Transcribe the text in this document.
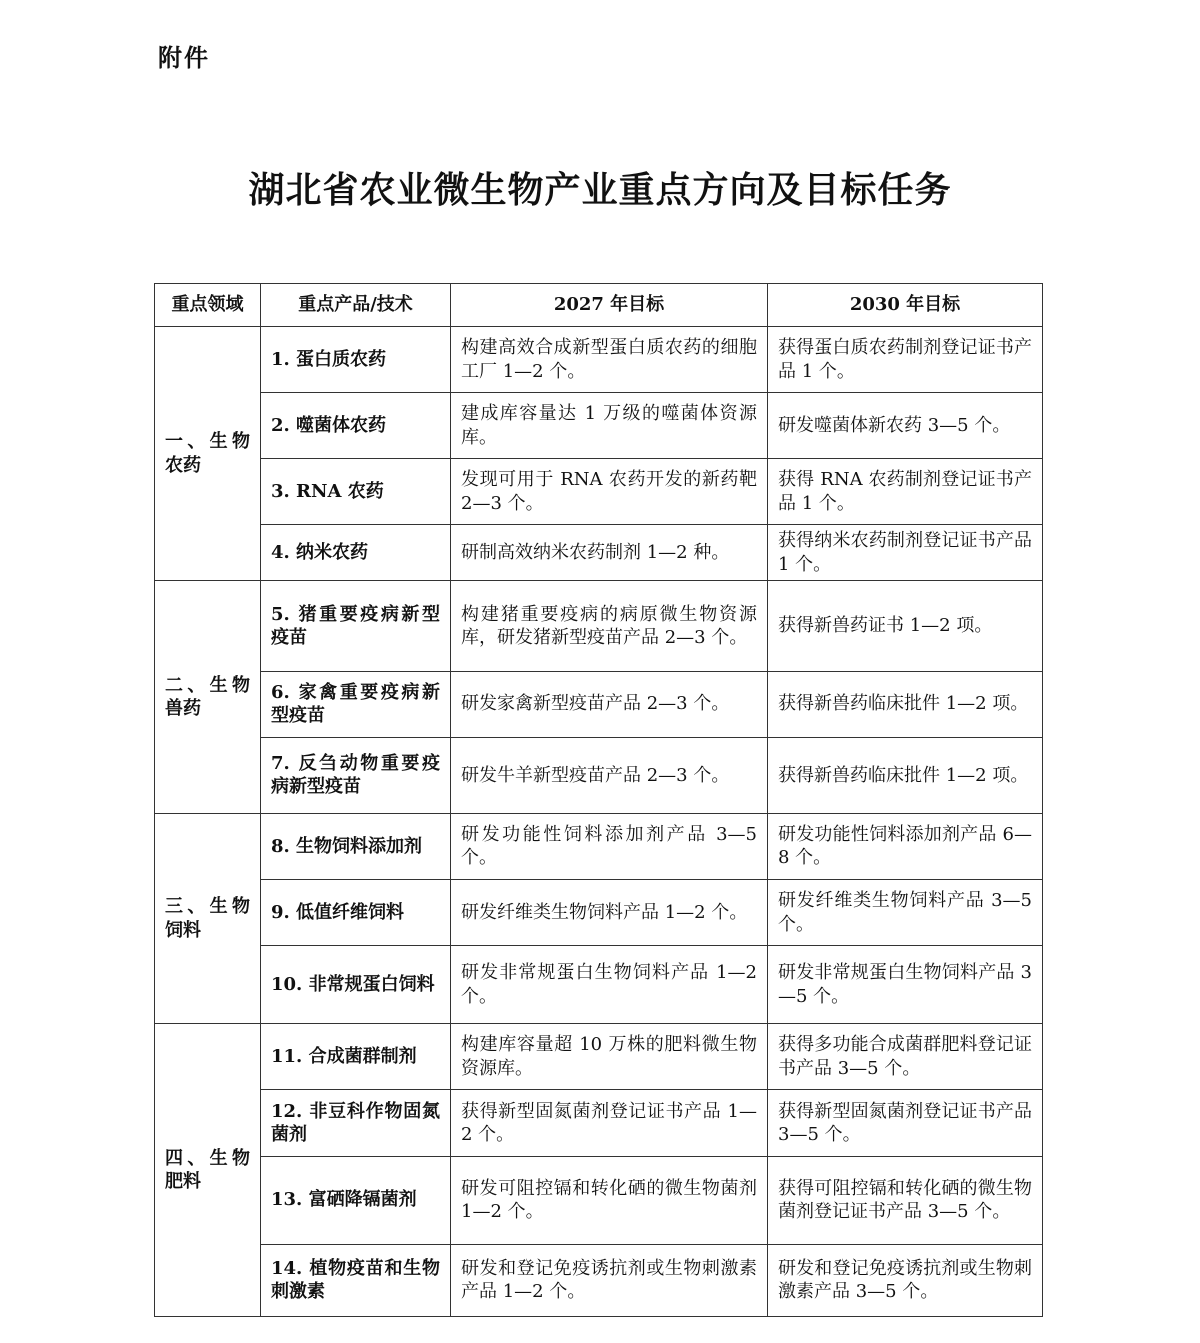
附件
湖北省农业微生物产业重点方向及目标任务
重点领域	重点产品/技术	2027 年目标	2030 年目标
一、生物农药	1. 蛋白质农药	构建高效合成新型蛋白质农药的细胞工厂 1—2 个。	获得蛋白质农药制剂登记证书产品 1 个。
	2. 噬菌体农药	建成库容量达 1 万级的噬菌体资源库。	研发噬菌体新农药 3—5 个。
	3. RNA 农药	发现可用于 RNA 农药开发的新药靶 2—3 个。	获得 RNA 农药制剂登记证书产品 1 个。
	4. 纳米农药	研制高效纳米农药制剂 1—2 种。	获得纳米农药制剂登记证书产品 1 个。
二、生物兽药	5. 猪重要疫病新型疫苗	构建猪重要疫病的病原微生物资源库，研发猪新型疫苗产品 2—3 个。	获得新兽药证书 1—2 项。
	6. 家禽重要疫病新型疫苗	研发家禽新型疫苗产品 2—3 个。	获得新兽药临床批件 1—2 项。
	7. 反刍动物重要疫病新型疫苗	研发牛羊新型疫苗产品 2—3 个。	获得新兽药临床批件 1—2 项。
三、生物饲料	8. 生物饲料添加剂	研发功能性饲料添加剂产品 3—5 个。	研发功能性饲料添加剂产品 6—8 个。
	9. 低值纤维饲料	研发纤维类生物饲料产品 1—2 个。	研发纤维类生物饲料产品 3—5 个。
	10. 非常规蛋白饲料	研发非常规蛋白生物饲料产品 1—2 个。	研发非常规蛋白生物饲料产品 3—5 个。
四、生物肥料	11. 合成菌群制剂	构建库容量超 10 万株的肥料微生物资源库。	获得多功能合成菌群肥料登记证书产品 3—5 个。
	12. 非豆科作物固氮菌剂	获得新型固氮菌剂登记证书产品 1—2 个。	获得新型固氮菌剂登记证书产品 3—5 个。
	13. 富硒降镉菌剂	研发可阻控镉和转化硒的微生物菌剂 1—2 个。	获得可阻控镉和转化硒的微生物菌剂登记证书产品 3—5 个。
	14. 植物疫苗和生物刺激素	研发和登记免疫诱抗剂或生物刺激素产品 1—2 个。	研发和登记免疫诱抗剂或生物刺激素产品 3—5 个。
